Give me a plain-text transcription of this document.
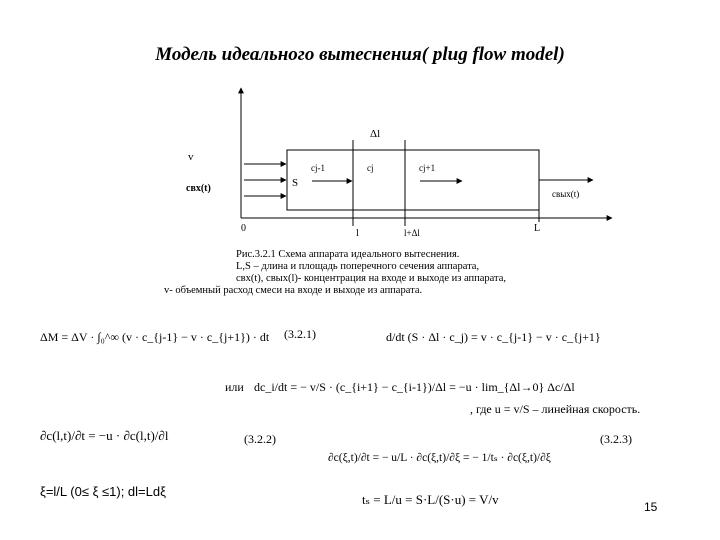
Модель идеального вытеснения( plug flow model)
Δl
v
cвх(t)	S
cj-1	cj	cj+1
cвых(t)
0	l	l+Δl	L
Рис.3.2.1 Схема аппарата идеального вытеснения.
L,S – длина и площадь поперечного сечения аппарата,
cвх(t), cвых(l)- концентрация на входе и выходе из аппарата,
v- объемный расход смеси на входе и выходе из аппарата.
ΔM = ΔV · ∫₀^∞ (v · c_{j-1} − v · c_{j+1}) · dt (3.2.1)	d/dt (S · Δl · c_j) = v · c_{j-1} − v · c_{j+1}
или dc_i/dt = − v/S · (c_{i+1} − c_{i-1})/Δl = −u · lim_{Δl→0} Δc/Δl
, где u = v/S – линейная скорость.
∂c(l,t)/∂t = −u · ∂c(l,t)/∂l	(3.2.2)
∂c(ξ,t)/∂t = − u/L · ∂c(ξ,t)/∂ξ = − 1/tₛ · ∂c(ξ,t)/∂ξ
(3.2.3)
ξ=l/L (0≤ ξ ≤1); dl=Ldξ
tₛ = L/u = S·L/(S·u) = V/v	15
